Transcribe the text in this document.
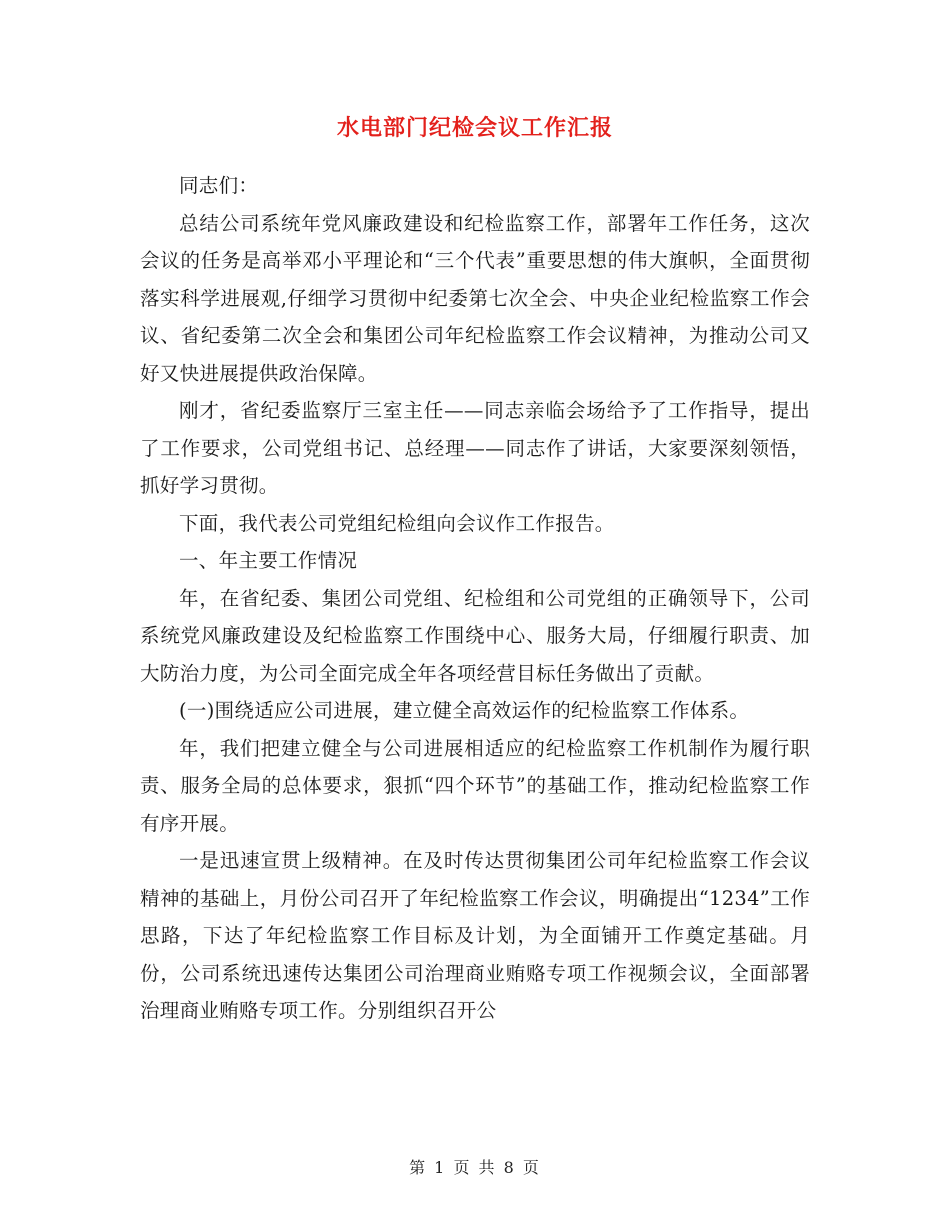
水电部门纪检会议工作汇报

同志们：

总结公司系统年党风廉政建设和纪检监察工作，部署年工作任务，这次会议的任务是高举邓小平理论和“三个代表”重要思想的伟大旗帜，全面贯彻落实科学进展观,仔细学习贯彻中纪委第七次全会、中央企业纪检监察工作会议、省纪委第二次全会和集团公司年纪检监察工作会议精神，为推动公司又好又快进展提供政治保障。

刚才，省纪委监察厅三室主任——同志亲临会场给予了工作指导，提出了工作要求，公司党组书记、总经理——同志作了讲话，大家要深刻领悟，抓好学习贯彻。

下面，我代表公司党组纪检组向会议作工作报告。

一、年主要工作情况

年，在省纪委、集团公司党组、纪检组和公司党组的正确领导下，公司系统党风廉政建设及纪检监察工作围绕中心、服务大局，仔细履行职责、加大防治力度，为公司全面完成全年各项经营目标任务做出了贡献。

(一)围绕适应公司进展，建立健全高效运作的纪检监察工作体系。

年，我们把建立健全与公司进展相适应的纪检监察工作机制作为履行职责、服务全局的总体要求，狠抓“四个环节”的基础工作，推动纪检监察工作有序开展。

一是迅速宣贯上级精神。在及时传达贯彻集团公司年纪检监察工作会议精神的基础上，月份公司召开了年纪检监察工作会议，明确提出“1234”工作思路，下达了年纪检监察工作目标及计划，为全面铺开工作奠定基础。月份，公司系统迅速传达集团公司治理商业贿赂专项工作视频会议，全面部署治理商业贿赂专项工作。分别组织召开公

第 1 页 共 8 页
